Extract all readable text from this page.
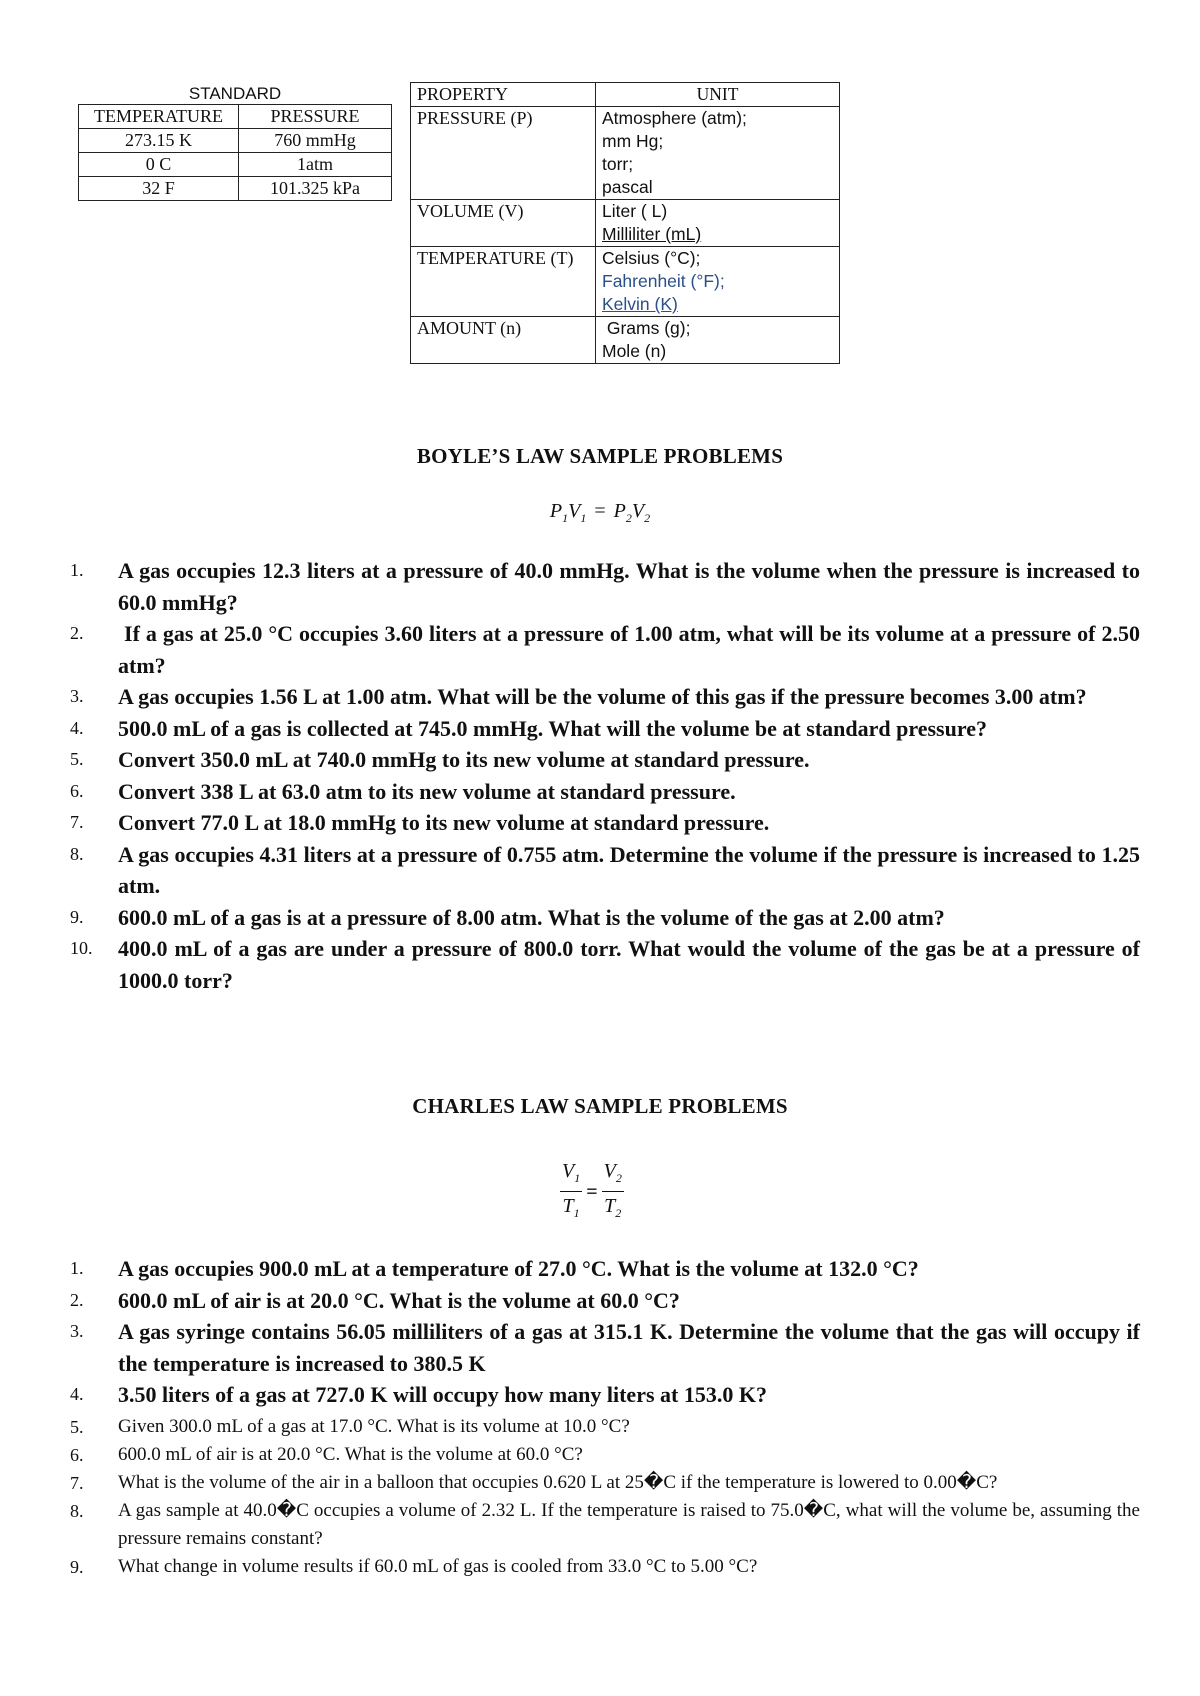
STANDARD
TEMPERATURE	PRESSURE
273.15 K	760 mmHg
0 C	1atm
32 F	101.325 kPa
PROPERTY	UNIT
PRESSURE (P)	Atmosphere (atm);
mm Hg;
torr;
pascal

VOLUME (V)	Liter ( L)
Milliliter (mL)

TEMPERATURE (T)	Celsius (°C);
Fahrenheit (°F);
Kelvin (K)

AMOUNT (n)	Grams (g);
Mole (n)
BOYLE’S LAW SAMPLE PROBLEMS
$P_1V_1 = P_2V_2$
1.	A gas occupies 12.3 liters at a pressure of 40.0 mmHg. What is the volume when the pressure is increased to 60.0 mmHg?
2.	If a gas at 25.0 °C occupies 3.60 liters at a pressure of 1.00 atm, what will be its volume at a pressure of 2.50 atm?
3.	A gas occupies 1.56 L at 1.00 atm. What will be the volume of this gas if the pressure becomes 3.00 atm?
4.	500.0 mL of a gas is collected at 745.0 mmHg. What will the volume be at standard pressure?
5.	Convert 350.0 mL at 740.0 mmHg to its new volume at standard pressure.
6.	Convert 338 L at 63.0 atm to its new volume at standard pressure.
7.	Convert 77.0 L at 18.0 mmHg to its new volume at standard pressure.
8.	A gas occupies 4.31 liters at a pressure of 0.755 atm. Determine the volume if the pressure is increased to 1.25 atm.
9.	600.0 mL of a gas is at a pressure of 8.00 atm. What is the volume of the gas at 2.00 atm?
10.	400.0 mL of a gas are under a pressure of 800.0 torr. What would the volume of the gas be at a pressure of 1000.0 torr?
CHARLES LAW SAMPLE PROBLEMS
$\frac{V_1}{T_1} = \frac{V_2}{T_2}$
1.	A gas occupies 900.0 mL at a temperature of 27.0 °C. What is the volume at 132.0 °C?
2.	600.0 mL of air is at 20.0 °C. What is the volume at 60.0 °C?
3.	A gas syringe contains 56.05 milliliters of a gas at 315.1 K. Determine the volume that the gas will occupy if the temperature is increased to 380.5 K
4.	3.50 liters of a gas at 727.0 K will occupy how many liters at 153.0 K?
5.	Given 300.0 mL of a gas at 17.0 °C. What is its volume at 10.0 °C?
6.	600.0 mL of air is at 20.0 °C. What is the volume at 60.0 °C?
7.	What is the volume of the air in a balloon that occupies 0.620 L at 25�C if the temperature is lowered to 0.00�C?
8.	A gas sample at 40.0�C occupies a volume of 2.32 L. If the temperature is raised to 75.0�C, what will the volume be, assuming the pressure remains constant?
9.	What change in volume results if 60.0 mL of gas is cooled from 33.0 °C to 5.00 °C?
